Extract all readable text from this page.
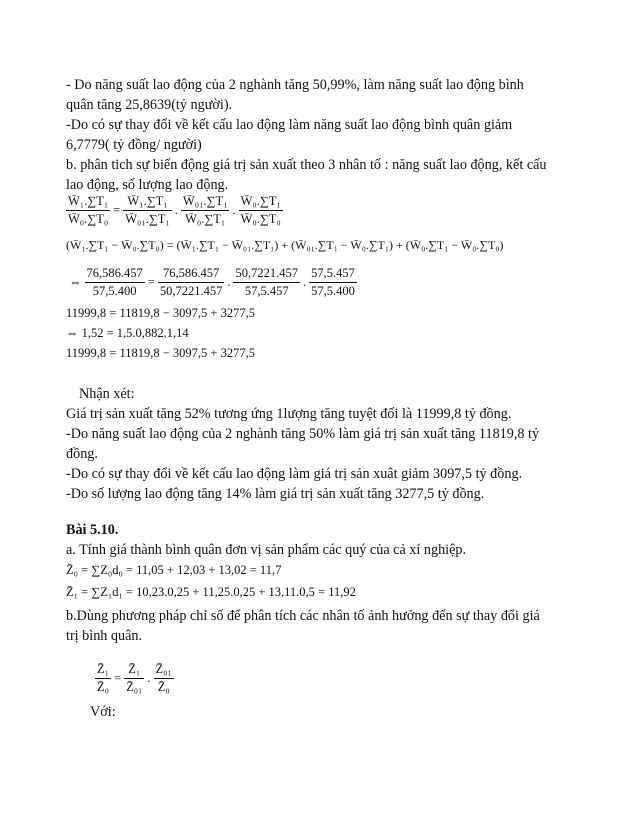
- Do năng suất lao động của 2 nghành tăng 50,99%, làm năng suất lao động bình
quân tăng 25,8639(tỷ người).
-Do có sự thay đổi về kết cấu lao động làm năng suất lao động bình quân giảm
6,7779( tỷ đồng/ người)
b. phân tich sự biến động giá trị sản xuất theo 3 nhân tố : năng suất lao động, kết cấu
lao động, số lượng lao động.
$\frac{\text{W̄₁.∑T₁}}{\text{W̄₀.∑T₀}} = \frac{\text{W̄₁.∑T₁}}{\text{W̄₀₁.∑T₁}}$ . $\frac{\text{W̄₀₁.∑T₁}}{\text{W̄₀.∑T₁}}$ . $\frac{\text{W̄₀.∑T₁}}{\text{W̄₀.∑T₀}}$
(W̄₁.∑T₁ − W̄₀.∑T₀) = (W̄₁.∑T₁ − W̄₀₁.∑T₁) + (W̄₀₁.∑T₁ − W̄₀.∑T₁) + (W̄₀.∑T₁ − W̄₀.∑T₀)
⇔ $\frac{76,586.457}{57,5.400} = \frac{76,586.457}{50,7221.457}$ . $\frac{50,7221.457}{57,5.457}$ . $\frac{57,5.457}{57,5.400}$
11999,8 = 11819,8 − 3097,5 + 3277,5
⇔ 1,52 = 1,5.0,882.1,14
11999,8 = 11819,8 − 3097,5 + 3277,5
Nhận xét:
Giá trị sản xuất tăng 52% tương ứng 1lượng tăng tuyệt đối là 11999,8 tỷ đồng.
-Do năng suất lao động của 2 nghành tăng 50% làm giá trị sản xuất tăng 11819,8 tỷ
đồng.
-Do có sự thay đổi về kết cấu lao động làm giá trị sản xuât giảm 3097,5 tỷ đồng.
-Do số lượng lao động tăng 14% làm giá trị sản xuất tăng 3277,5 tỷ đồng.
Bài 5.10.
a. Tính giá thành bình quân đơn vị sản phẩm các quý của cả xí nghiệp.
Z̄₀ = ∑Z₀d₀ = 11,05 + 12,03 + 13,02 = 11,7
Z̄₁ = ∑Z₁d₁ = 10,23.0,25 + 11,25.0,25 + 13,11.0,5 = 11,92
b.Dùng phương pháp chỉ số để phân tích các nhân tố ảnh hưởng đến sự thay đổi giá
trị bình quân.
$\frac{\text{Z̄₁}}{\text{Z̄₀}} = \frac{\text{Z̄₁}}{\text{Z̄₀₁}}$ . $\frac{\text{Z̄₀₁}}{\text{Z̄₀}}$
Với:
